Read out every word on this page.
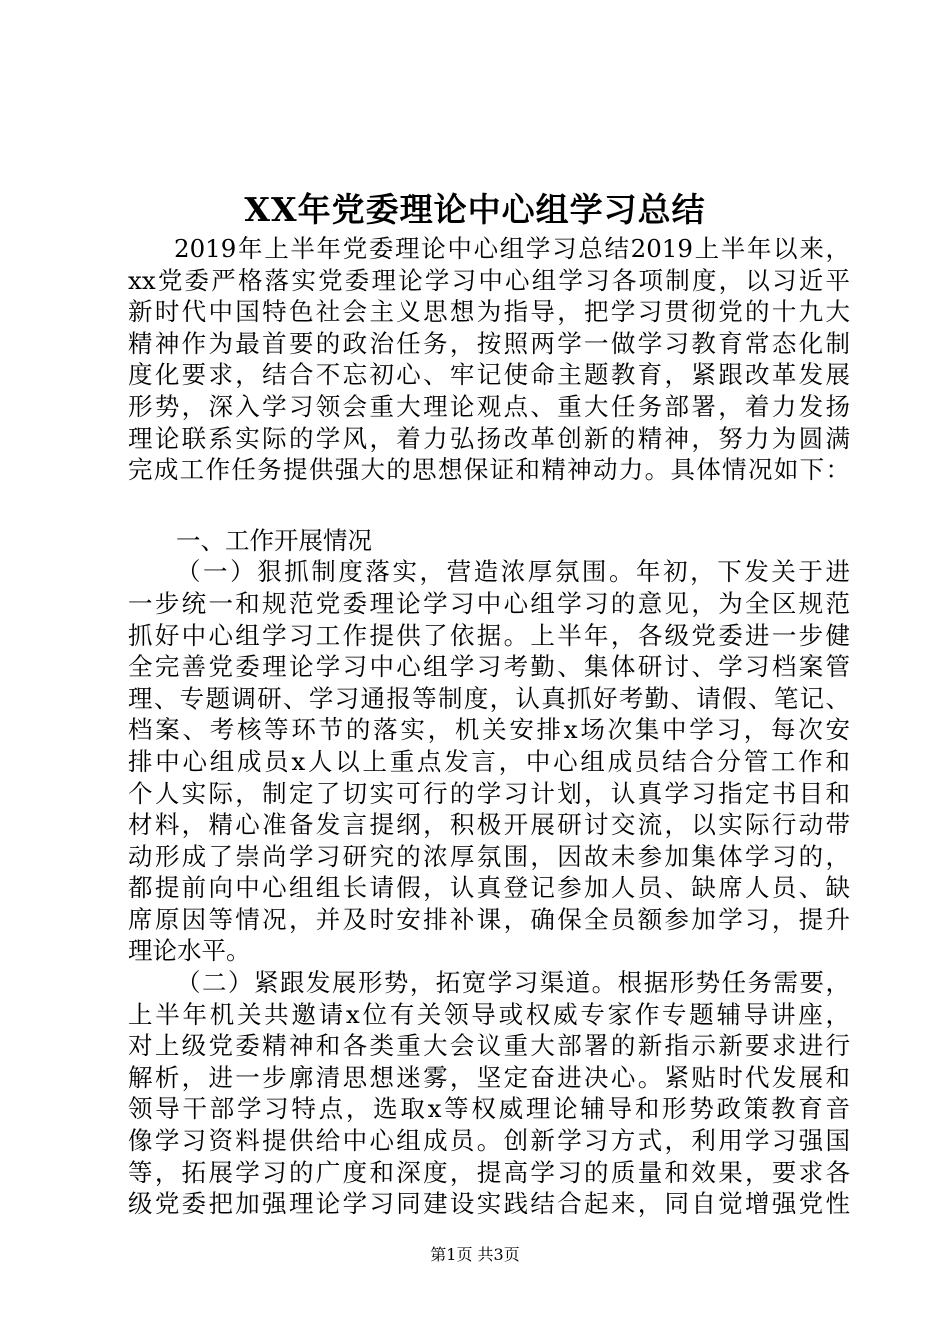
XX年党委理论中心组学习总结
2019年上半年党委理论中心组学习总结2019上半年以来，
xx党委严格落实党委理论学习中心组学习各项制度，以习近平
新时代中国特色社会主义思想为指导，把学习贯彻党的十九大
精神作为最首要的政治任务，按照两学一做学习教育常态化制
度化要求，结合不忘初心、牢记使命主题教育，紧跟改革发展
形势，深入学习领会重大理论观点、重大任务部署，着力发扬
理论联系实际的学风，着力弘扬改革创新的精神，努力为圆满
完成工作任务提供强大的思想保证和精神动力。具体情况如下：
一、工作开展情况
（一）狠抓制度落实，营造浓厚氛围。年初，下发关于进
一步统一和规范党委理论学习中心组学习的意见，为全区规范
抓好中心组学习工作提供了依据。上半年，各级党委进一步健
全完善党委理论学习中心组学习考勤、集体研讨、学习档案管
理、专题调研、学习通报等制度，认真抓好考勤、请假、笔记、
档案、考核等环节的落实，机关安排x场次集中学习，每次安
排中心组成员x人以上重点发言，中心组成员结合分管工作和
个人实际，制定了切实可行的学习计划，认真学习指定书目和
材料，精心准备发言提纲，积极开展研讨交流，以实际行动带
动形成了崇尚学习研究的浓厚氛围，因故未参加集体学习的，
都提前向中心组组长请假，认真登记参加人员、缺席人员、缺
席原因等情况，并及时安排补课，确保全员额参加学习，提升
理论水平。
（二）紧跟发展形势，拓宽学习渠道。根据形势任务需要，
上半年机关共邀请x位有关领导或权威专家作专题辅导讲座，
对上级党委精神和各类重大会议重大部署的新指示新要求进行
解析，进一步廓清思想迷雾，坚定奋进决心。紧贴时代发展和
领导干部学习特点，选取x等权威理论辅导和形势政策教育音
像学习资料提供给中心组成员。创新学习方式，利用学习强国
等，拓展学习的广度和深度，提高学习的质量和效果，要求各
级党委把加强理论学习同建设实践结合起来，同自觉增强党性
第1页 共3页
